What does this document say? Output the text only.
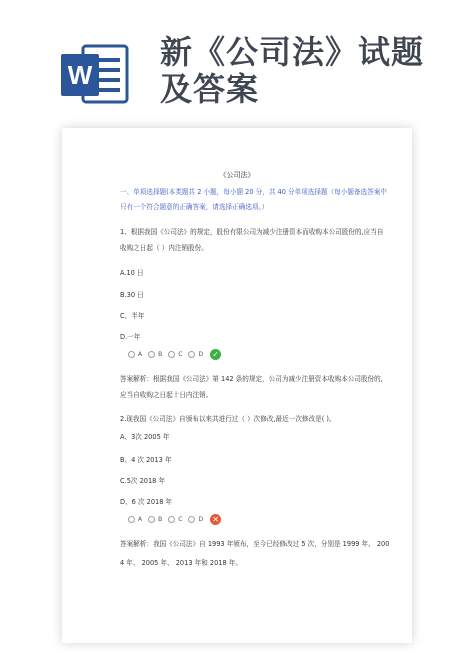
W
新《公司法》试题
及答案
《公司法》
一、单项选择题(本类题共 2 小题，每小题 20 分，共 40 分单项选择题（每小题备选答案中
只有一个符合题意的正确答案，请选择正确选项。）
1、根据我国《公司法》的规定，股份有限公司为减少注册资本而收购本公司股份的,应当自
收购之日起（ ）内注销股份。
A.10 日
B.30 日
C、半年
D.一年
A	B	C	D ✓
答案解析：根据我国《公司法》第 142 条的规定，公司为减少注册资本收购本公司股份的,
应当自收购之日起十日内注销。
2.现我国《公司法》自颁布以来共进行过（ ）次修改,最近一次修改是( )。
A、3次 2005 年
B、4 次 2013 年
C.5次 2018 年
D、6 次 2018 年
A	B	C	D ✕
答案解析：我国《公司法》自 1993 年颁布，至今已经修改过 5 次，分别是 1999 年、 200
4 年、 2005 年、 2013 年和 2018 年。
